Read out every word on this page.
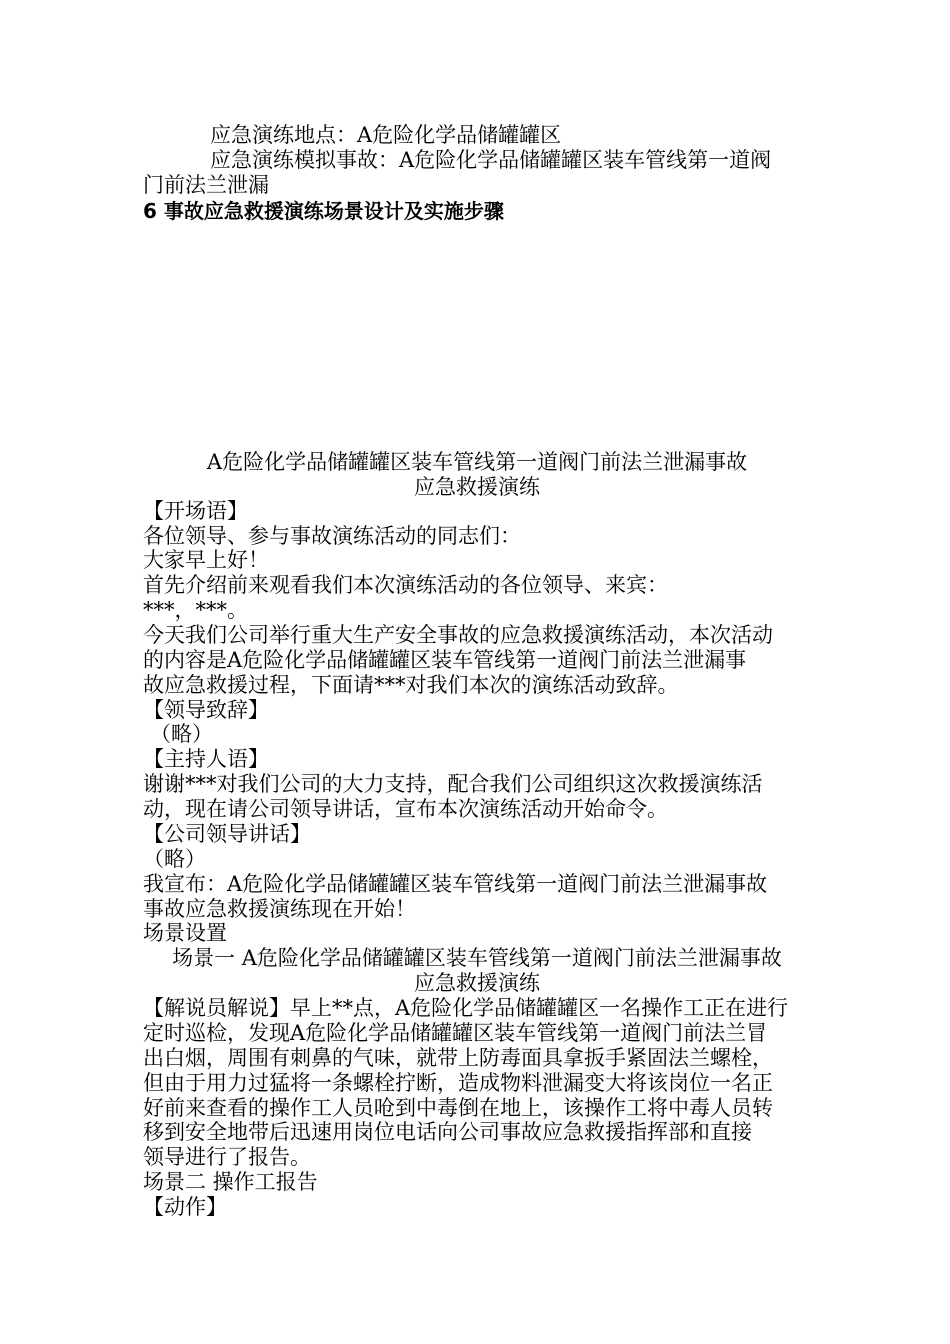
应急演练地点：A危险化学品储罐罐区

应急演练模拟事故：A危险化学品储罐罐区装车管线第一道阀

门前法兰泄漏

6 事故应急救援演练场景设计及实施步骤

A危险化学品储罐罐区装车管线第一道阀门前法兰泄漏事故

应急救援演练

【开场语】

各位领导、参与事故演练活动的同志们：

大家早上好！

首先介绍前来观看我们本次演练活动的各位领导、来宾：

***，***。

今天我们公司举行重大生产安全事故的应急救援演练活动，本次活动

的内容是A危险化学品储罐罐区装车管线第一道阀门前法兰泄漏事

故应急救援过程，下面请***对我们本次的演练活动致辞。

【领导致辞】

（略）

【主持人语】

谢谢***对我们公司的大力支持，配合我们公司组织这次救援演练活

动，现在请公司领导讲话，宣布本次演练活动开始命令。

【公司领导讲话】

（略）

我宣布：A危险化学品储罐罐区装车管线第一道阀门前法兰泄漏事故

事故应急救援演练现在开始！

场景设置

场景一 A危险化学品储罐罐区装车管线第一道阀门前法兰泄漏事故

应急救援演练

【解说员解说】早上**点，A危险化学品储罐罐区一名操作工正在进行

定时巡检，发现A危险化学品储罐罐区装车管线第一道阀门前法兰冒

出白烟，周围有刺鼻的气味，就带上防毒面具拿扳手紧固法兰螺栓，

但由于用力过猛将一条螺栓拧断，造成物料泄漏变大将该岗位一名正

好前来查看的操作工人员呛到中毒倒在地上，该操作工将中毒人员转

移到安全地带后迅速用岗位电话向公司事故应急救援指挥部和直接

领导进行了报告。

场景二 操作工报告

【动作】
